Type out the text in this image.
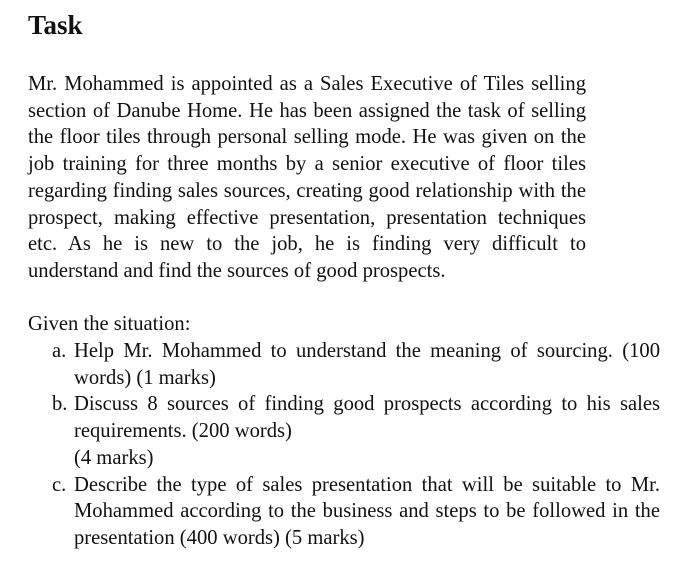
Task
Mr. Mohammed is appointed as a Sales Executive of Tiles selling section of Danube Home. He has been assigned the task of selling the floor tiles through personal selling mode. He was given on the job training for three months by a senior executive of floor tiles regarding finding sales sources, creating good relationship with the prospect, making effective presentation, presentation techniques etc. As he is new to the job, he is finding very difficult to understand and find the sources of good prospects.
Given the situation:
a. Help Mr. Mohammed to understand the meaning of sourcing. (100 words) (1 marks)
b. Discuss 8 sources of finding good prospects according to his sales requirements. (200 words)
(4 marks)
c. Describe the type of sales presentation that will be suitable to Mr. Mohammed according to the business and steps to be followed in the presentation (400 words) (5 marks)
